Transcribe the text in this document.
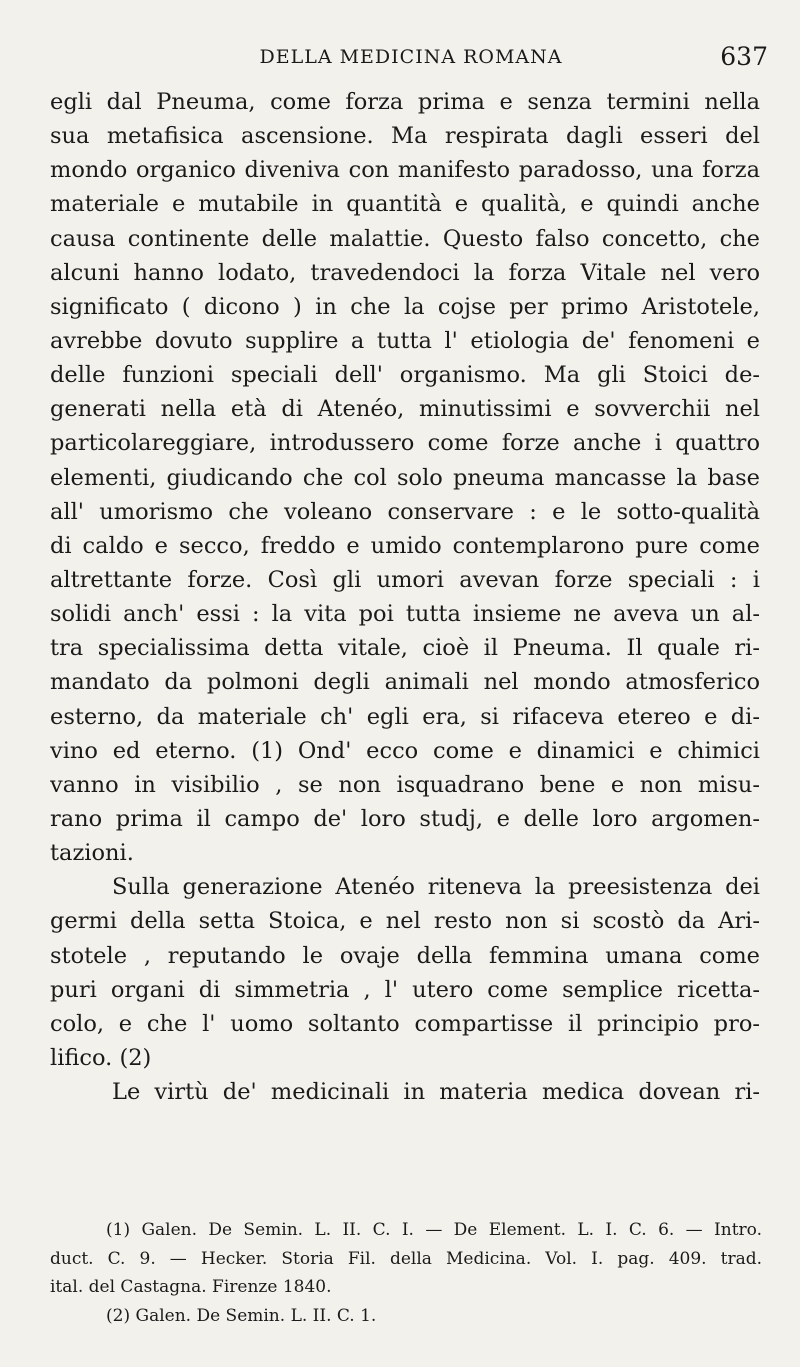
DELLA MEDICINA ROMANA	637
egli dal Pneuma, come forza prima e senza termini nella
sua metafisica ascensione. Ma respirata dagli esseri del
mondo organico diveniva con manifesto paradosso, una forza
materiale e mutabile in quantità e qualità, e quindi anche
causa continente delle malattie. Questo falso concetto, che
alcuni hanno lodato, travedendoci la forza Vitale nel vero
significato ( dicono ) in che la cojse per primo Aristotele,
avrebbe dovuto supplire a tutta l' etiologia de' fenomeni e
delle funzioni speciali dell' organismo. Ma gli Stoici de-
generati nella età di Atenéo, minutissimi e sovverchii nel
particolareggiare, introdussero come forze anche i quattro
elementi, giudicando che col solo pneuma mancasse la base
all' umorismo che voleano conservare : e le sotto-qualità
di caldo e secco, freddo e umido contemplarono pure come
altrettante forze. Così gli umori avevan forze speciali : i
solidi anch' essi : la vita poi tutta insieme ne aveva un al-
tra specialissima detta vitale, cioè il Pneuma. Il quale ri-
mandato da polmoni degli animali nel mondo atmosferico
esterno, da materiale ch' egli era, si rifaceva etereo e di-
vino ed eterno. (1) Ond' ecco come e dinamici e chimici
vanno in visibilio , se non isquadrano bene e non misu-
rano prima il campo de' loro studj, e delle loro argomen-
tazioni.
Sulla generazione Atenéo riteneva la preesistenza dei
germi della setta Stoica, e nel resto non si scostò da Ari-
stotele , reputando le ovaje della femmina umana come
puri organi di simmetria , l' utero come semplice ricetta-
colo, e che l' uomo soltanto compartisse il principio pro-
lifico. (2)
Le virtù de' medicinali in materia medica dovean ri-
(1) Galen. De Semin. L. II. C. I. — De Element. L. I. C. 6. — Intro.
duct. C. 9. — Hecker. Storia Fil. della Medicina. Vol. I. pag. 409. trad.
ital. del Castagna. Firenze 1840.
(2) Galen. De Semin. L. II. C. 1.
